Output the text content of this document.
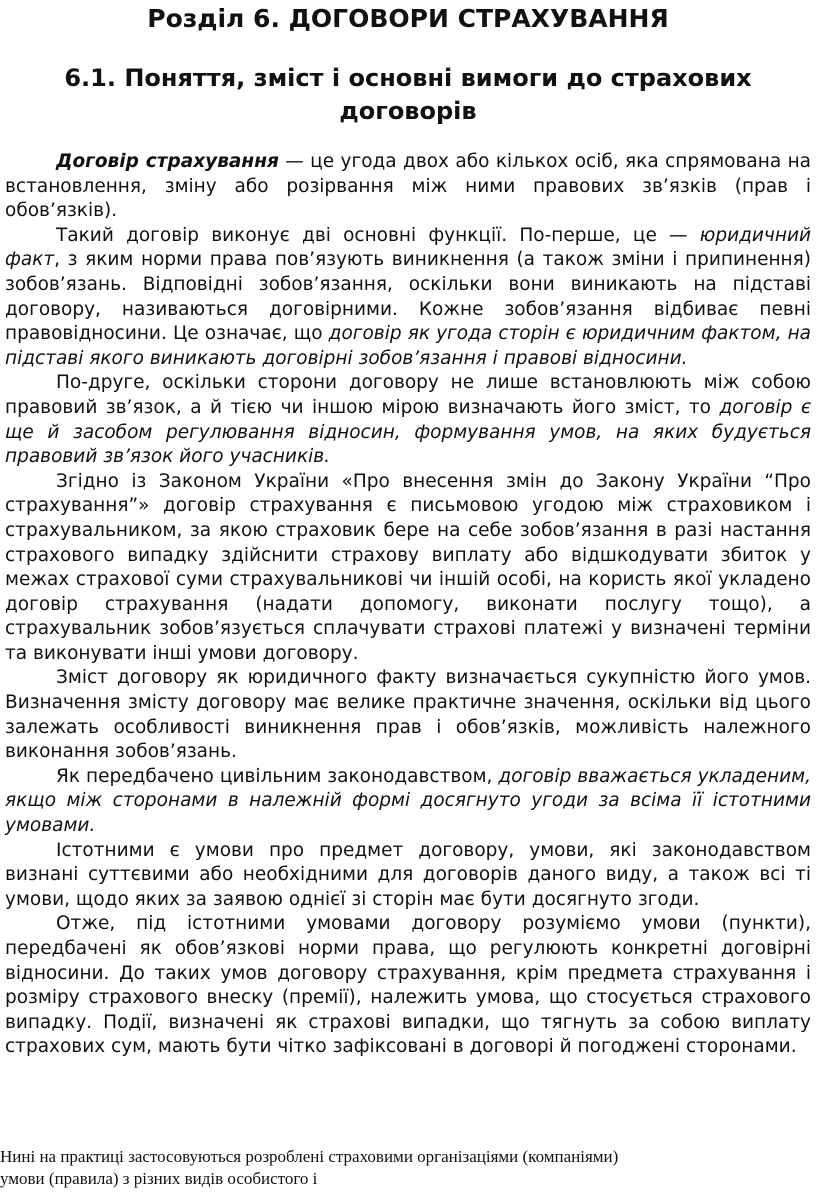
Розділ 6. ДОГОВОРИ СТРАХУВАННЯ
6.1. Поняття, зміст і основні вимоги до страхових договорів

Договір страхування — це угода двох або кількох осіб, яка спрямована на встановлення, зміну або розірвання між ними правових зв’язків (прав і обов’язків).

Такий договір виконує дві основні функції. По-перше, це — юридичний факт, з яким норми права пов’язують виникнення (а також зміни і припинення) зобов’язань. Відповідні зобов’язання, оскільки вони виникають на підставі договору, називаються договірними. Кожне зобов’язання відбиває певні правовідносини. Це означає, що договір як угода сторін є юридичним фактом, на підставі якого виникають договірні зобов’язання і правові відносини.

По-друге, оскільки сторони договору не лише встановлюють між собою правовий зв’язок, а й тією чи іншою мірою визначають його зміст, то договір є ще й засобом регулювання відносин, формування умов, на яких будується правовий зв’язок його учасників.

Згідно із Законом України «Про внесення змін до Закону України “Про страхування”» договір страхування є письмовою угодою між страховиком і страхувальником, за якою страховик бере на себе зобов’язання в разі настання страхового випадку здійснити страхову виплату або відшкодувати збиток у межах страхової суми страхувальникові чи іншій особі, на користь якої укладено договір страхування (надати допомогу, виконати послугу тощо), а страхувальник зобов’язується сплачувати страхові платежі у визначені терміни та виконувати інші умови договору.

Зміст договору як юридичного факту визначається сукупністю його умов. Визначення змісту договору має велике практичне значення, оскільки від цього залежать особливості виникнення прав і обов’язків, можливість належного виконання зобов’язань.

Як передбачено цивільним законодавством, договір вважається укладеним, якщо між сторонами в належній формі досягнуто угоди за всіма її істотними умовами.

Істотними є умови про предмет договору, умови, які законодавством визнані суттєвими або необхідними для договорів даного виду, а також всі ті умови, щодо яких за заявою однієї зі сторін має бути досягнуто згоди.

Отже, під істотними умовами договору розуміємо умови (пункти), передбачені як обов’язкові норми права, що регулюють конкретні договірні відносини. До таких умов договору страхування, крім предмета страхування і розміру страхового внеску (премії), належить умова, що стосується страхового випадку. Події, визначені як страхові випадки, що тягнуть за собою виплату страхових сум, мають бути чітко зафіксовані в договорі й погоджені сторонами.

Нині на практиці застосовуються розроблені страховими організаціями (компаніями)

умови (правила) з різних видів особистого і
